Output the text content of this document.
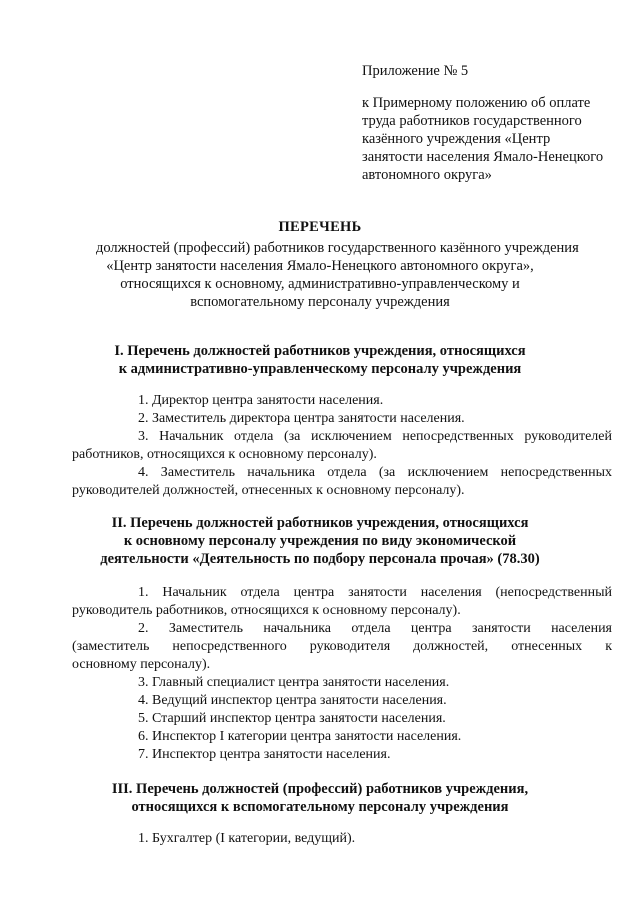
Приложение № 5
к Примерному положению об оплате
труда работников государственного
казённого учреждения «Центр
занятости населения Ямало-Ненецкого
автономного округа»
ПЕРЕЧЕНЬ
должностей (профессий) работников государственного казённого учреждения
«Центр занятости населения Ямало-Ненецкого автономного округа»,
относящихся к основному, административно-управленческому и
вспомогательному персоналу учреждения
I. Перечень должностей работников учреждения, относящихся
к административно-управленческому персоналу учреждения
1. Директор центра занятости населения.
2. Заместитель директора центра занятости населения.
3. Начальник отдела (за исключением непосредственных руководителей
работников, относящихся к основному персоналу).
4. Заместитель начальника отдела (за исключением непосредственных
руководителей должностей, отнесенных к основному персоналу).
II. Перечень должностей работников учреждения, относящихся
к основному персоналу учреждения по виду экономической
деятельности «Деятельность по подбору персонала прочая» (78.30)
1. Начальник отдела центра занятости населения (непосредственный
руководитель работников, относящихся к основному персоналу).
2. Заместитель начальника отдела центра занятости населения
(заместитель непосредственного руководителя должностей, отнесенных к
основному персоналу).
3. Главный специалист центра занятости населения.
4. Ведущий инспектор центра занятости населения.
5. Старший инспектор центра занятости населения.
6. Инспектор I категории центра занятости населения.
7. Инспектор центра занятости населения.
III. Перечень должностей (профессий) работников учреждения,
относящихся к вспомогательному персоналу учреждения
1. Бухгалтер (I категории, ведущий).
